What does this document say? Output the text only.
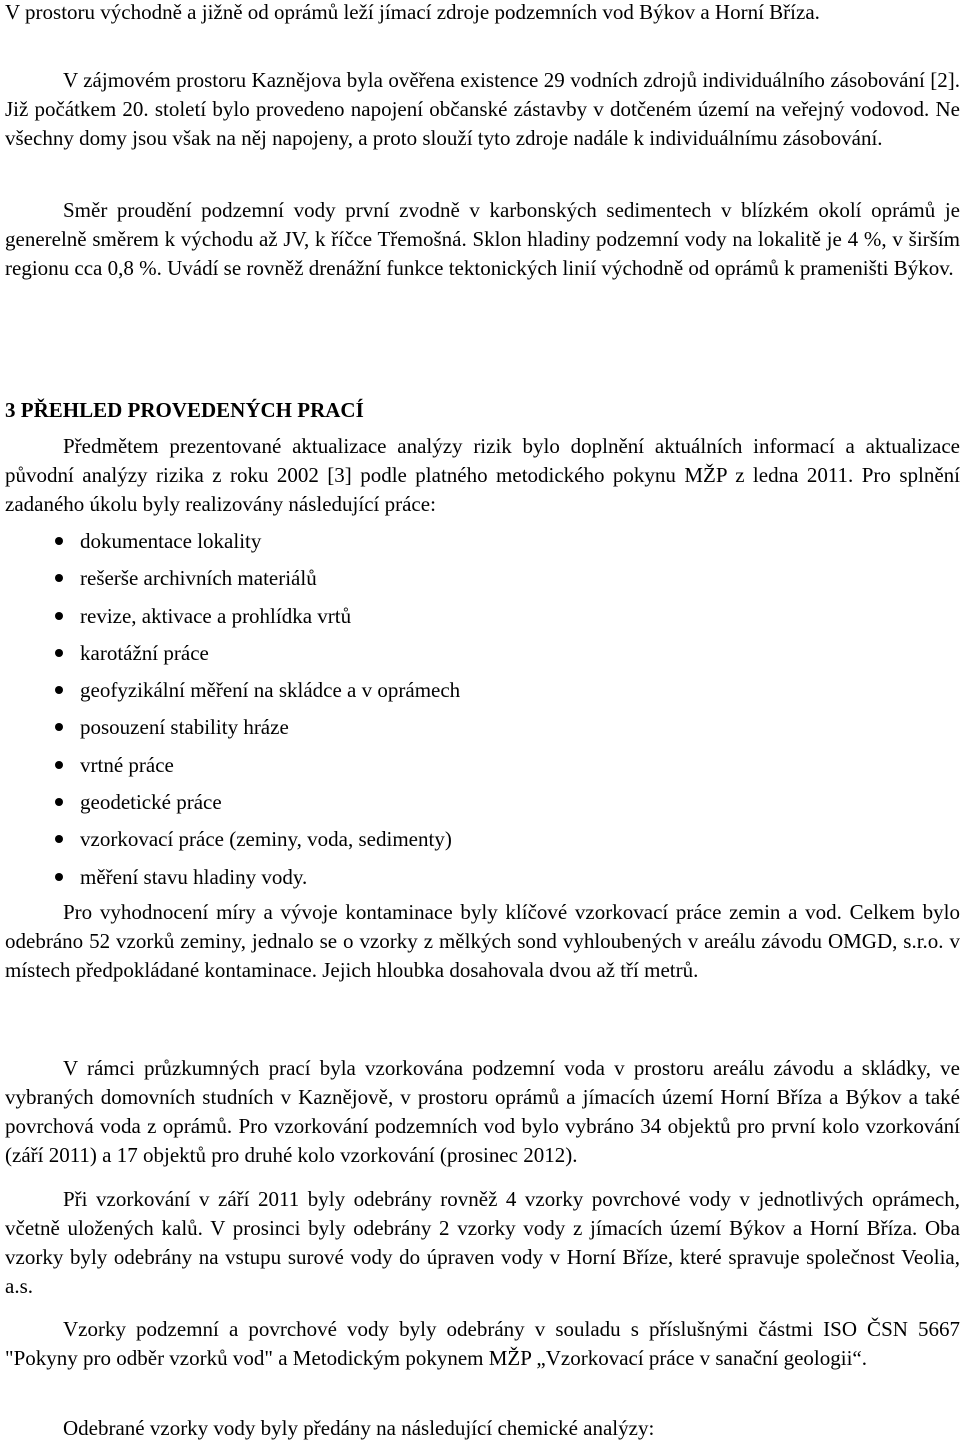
V prostoru východně a jižně od oprámů leží jímací zdroje podzemních vod Býkov a Horní Bříza.

V zájmovém prostoru Kaznějova byla ověřena existence 29 vodních zdrojů individuálního zásobování [2]. Již počátkem 20. století bylo provedeno napojení občanské zástavby v dotčeném území na veřejný vodovod. Ne všechny domy jsou však na něj napojeny, a proto slouží tyto zdroje nadále k individuálnímu zásobování.

Směr proudění podzemní vody první zvodně v karbonských sedimentech v blízkém okolí oprámů je generelně směrem k východu až JV, k říčce Třemošná. Sklon hladiny podzemní vody na lokalitě je 4 %, v širším regionu cca 0,8 %. Uvádí se rovněž drenážní funkce tektonických linií východně od oprámů k prameništi Býkov.

3 PŘEHLED PROVEDENÝCH PRACÍ

Předmětem prezentované aktualizace analýzy rizik bylo doplnění aktuálních informací a aktualizace původní analýzy rizika z roku 2002 [3] podle platného metodického pokynu MŽP z ledna 2011. Pro splnění zadaného úkolu byly realizovány následující práce:

dokumentace lokality
rešerše archivních materiálů
revize, aktivace a prohlídka vrtů
karotážní práce
geofyzikální měření na skládce a v oprámech
posouzení stability hráze
vrtné práce
geodetické práce
vzorkovací práce (zeminy, voda, sedimenty)
měření stavu hladiny vody.

Pro vyhodnocení míry a vývoje kontaminace byly klíčové vzorkovací práce zemin a vod. Celkem bylo odebráno 52 vzorků zeminy, jednalo se o vzorky z mělkých sond vyhloubených v areálu závodu OMGD, s.r.o. v místech předpokládané kontaminace. Jejich hloubka dosahovala dvou až tří metrů.

V rámci průzkumných prací byla vzorkována podzemní voda v prostoru areálu závodu a skládky, ve vybraných domovních studních v Kaznějově, v prostoru oprámů a jímacích území Horní Bříza a Býkov a také povrchová voda z oprámů. Pro vzorkování podzemních vod bylo vybráno 34 objektů pro první kolo vzorkování (září 2011) a 17 objektů pro druhé kolo vzorkování (prosinec 2012).

Při vzorkování v září 2011 byly odebrány rovněž 4 vzorky povrchové vody v jednotlivých oprámech, včetně uložených kalů. V prosinci byly odebrány 2 vzorky vody z jímacích území Býkov a Horní Bříza. Oba vzorky byly odebrány na vstupu surové vody do úpraven vody v Horní Bříze, které spravuje společnost Veolia, a.s.

Vzorky podzemní a povrchové vody byly odebrány v souladu s příslušnými částmi ISO ČSN 5667 "Pokyny pro odběr vzorků vod" a Metodickým pokynem MŽP „Vzorkovací práce v sanační geologii“.

Odebrané vzorky vody byly předány na následující chemické analýzy:
